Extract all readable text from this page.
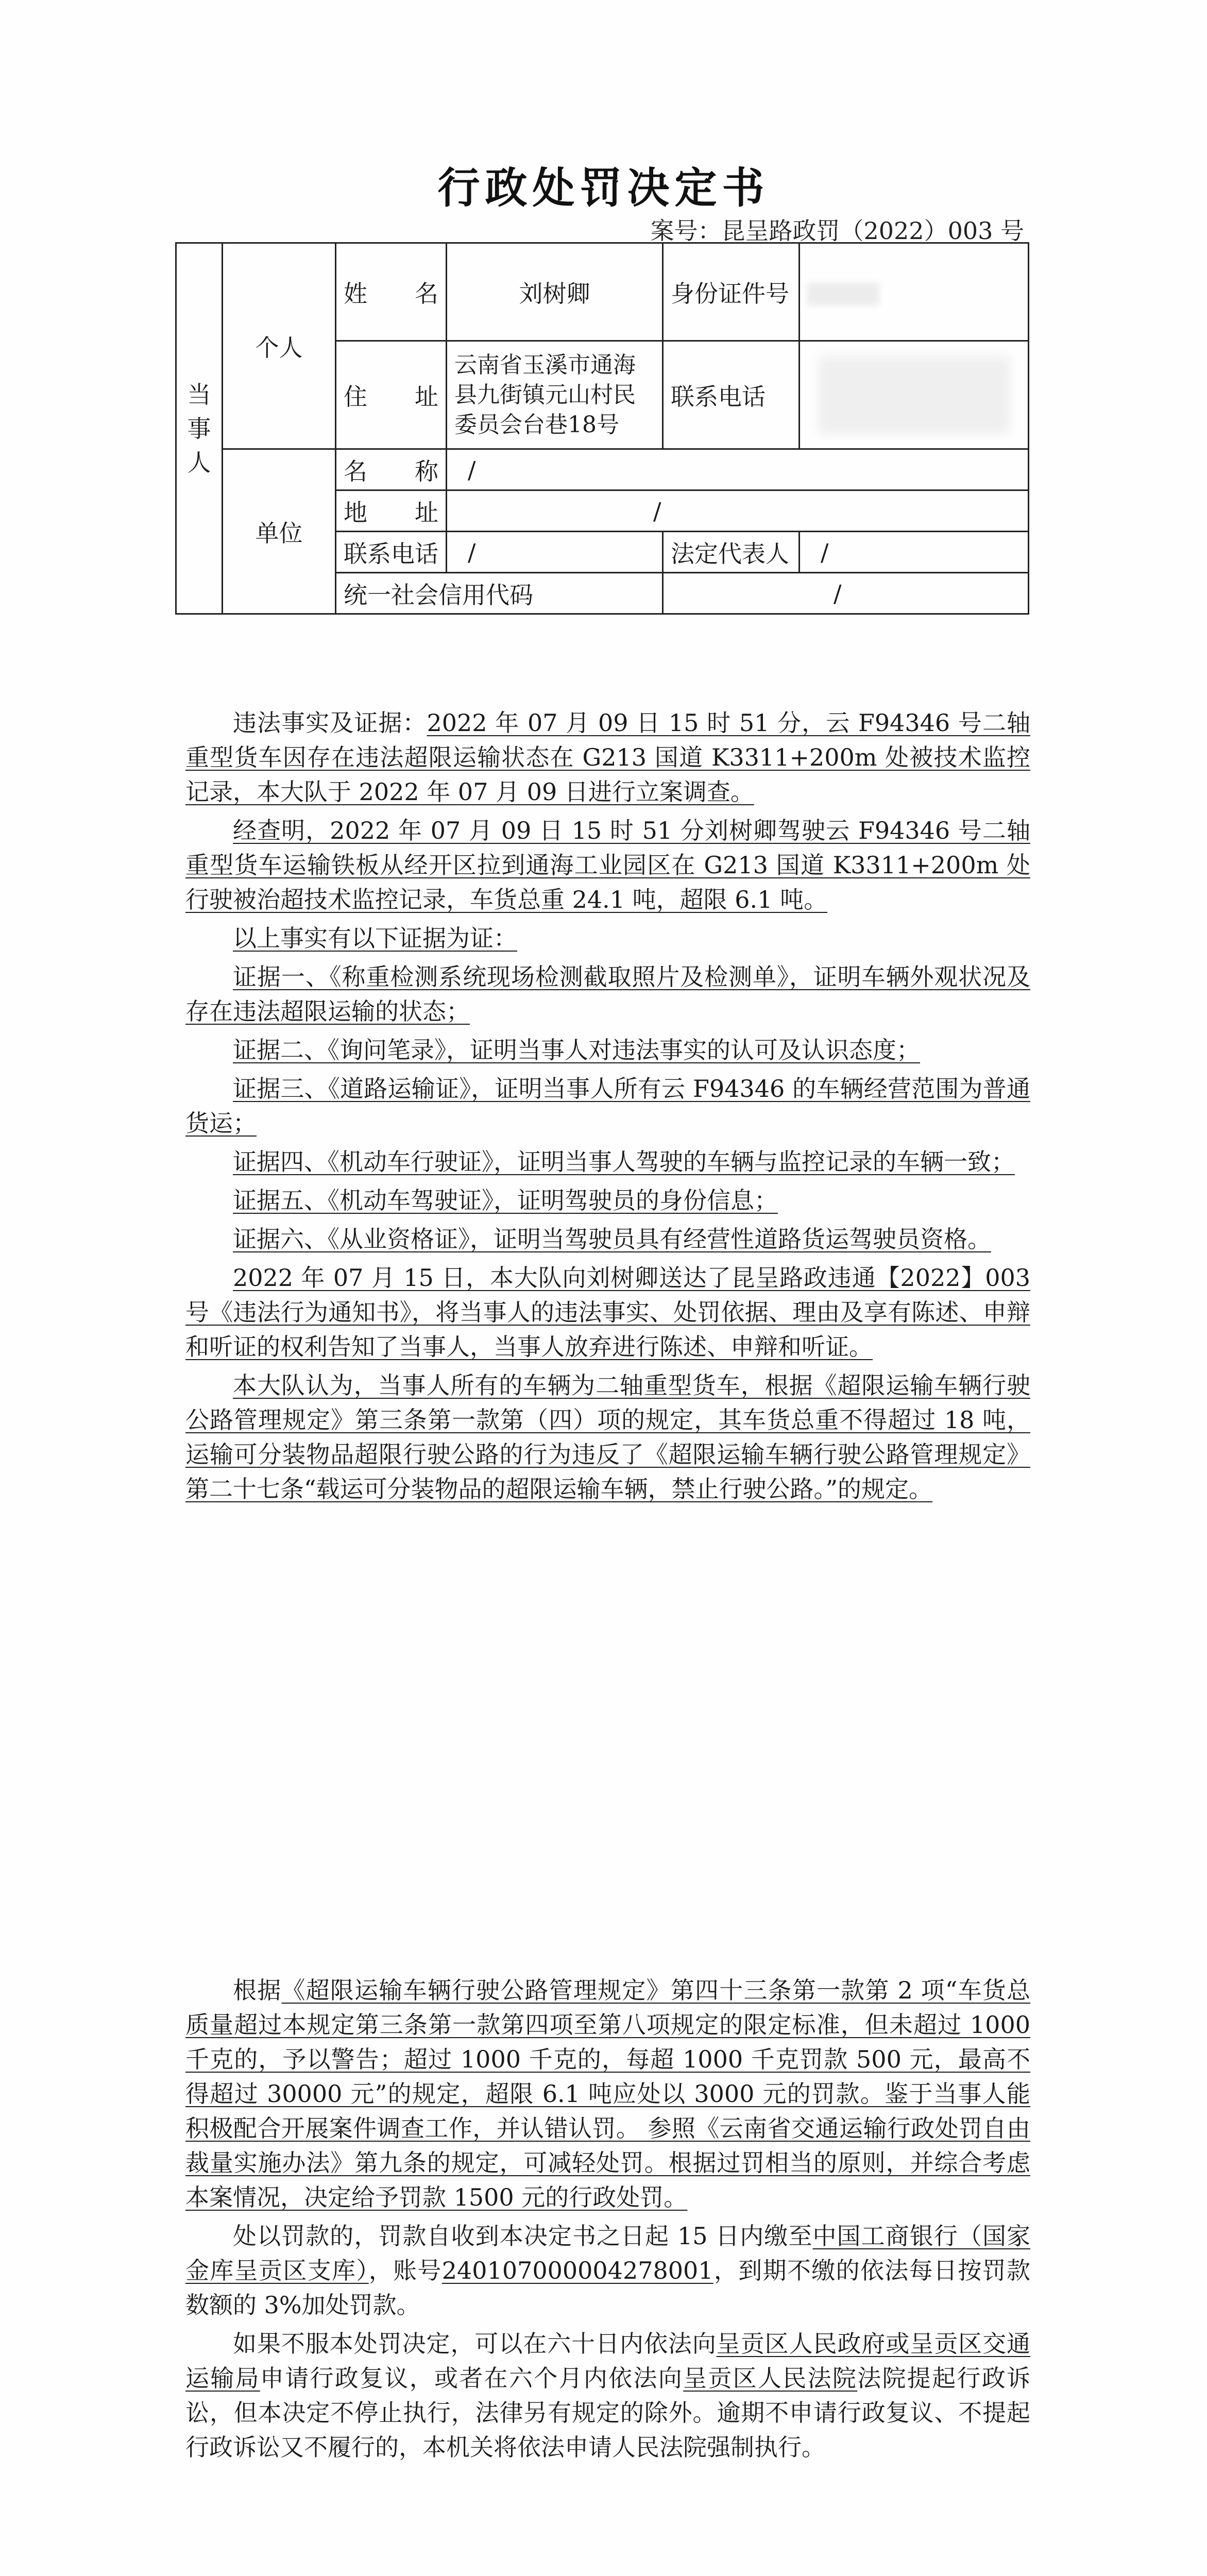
行政处罚决定书
案号：昆呈路政罚（2022）003 号
当事人	个人	姓　名	刘树卿	身份证件号	
		住　址	云南省玉溪市通海县九街镇元山村民委员会台巷18号	联系电话	

	单位	名　称	/		
		地　址	/		
		联系电话	/	法定代表人	/
		统一社会信用代码		/	

违法事实及证据：2022 年 07 月 09 日 15 时 51 分，云 F94346 号二轴重型货车因存在违法超限运输状态在 G213 国道 K3311+200m 处被技术监控记录，本大队于 2022 年 07 月 09 日进行立案调查。

经查明，2022 年 07 月 09 日 15 时 51 分刘树卿驾驶云 F94346 号二轴重型货车运输铁板从经开区拉到通海工业园区在 G213 国道 K3311+200m 处行驶被治超技术监控记录，车货总重 24.1 吨，超限 6.1 吨。

以上事实有以下证据为证：

证据一、《称重检测系统现场检测截取照片及检测单》，证明车辆外观状况及存在违法超限运输的状态；

证据二、《询问笔录》，证明当事人对违法事实的认可及认识态度；

证据三、《道路运输证》，证明当事人所有云 F94346 的车辆经营范围为普通货运；

证据四、《机动车行驶证》，证明当事人驾驶的车辆与监控记录的车辆一致；

证据五、《机动车驾驶证》，证明驾驶员的身份信息；

证据六、《从业资格证》，证明当驾驶员具有经营性道路货运驾驶员资格。

2022 年 07 月 15 日，本大队向刘树卿送达了昆呈路政违通【2022】003 号《违法行为通知书》，将当事人的违法事实、处罚依据、理由及享有陈述、申辩和听证的权利告知了当事人，当事人放弃进行陈述、申辩和听证。

本大队认为，当事人所有的车辆为二轴重型货车，根据《超限运输车辆行驶公路管理规定》第三条第一款第（四）项的规定，其车货总重不得超过 18 吨，运输可分装物品超限行驶公路的行为违反了《超限运输车辆行驶公路管理规定》第二十七条“载运可分装物品的超限运输车辆，禁止行驶公路。”的规定。

根据《超限运输车辆行驶公路管理规定》第四十三条第一款第 2 项“车货总质量超过本规定第三条第一款第四项至第八项规定的限定标准，但未超过 1000 千克的，予以警告；超过 1000 千克的，每超 1000 千克罚款 500 元，最高不得超过 30000 元”的规定，超限 6.1 吨应处以 3000 元的罚款。鉴于当事人能积极配合开展案件调查工作，并认错认罚。 参照《云南省交通运输行政处罚自由裁量实施办法》第九条的规定，可减轻处罚。根据过罚相当的原则，并综合考虑本案情况，决定给予罚款 1500 元的行政处罚。

处以罚款的，罚款自收到本决定书之日起 15 日内缴至中国工商银行（国家金库呈贡区支库），账号240107000004278001，到期不缴的依法每日按罚款数额的 3%加处罚款。

如果不服本处罚决定，可以在六十日内依法向呈贡区人民政府或呈贡区交通运输局申请行政复议，或者在六个月内依法向呈贡区人民法院法院提起行政诉讼，但本决定不停止执行，法律另有规定的除外。逾期不申请行政复议、不提起行政诉讼又不履行的，本机关将依法申请人民法院强制执行。
